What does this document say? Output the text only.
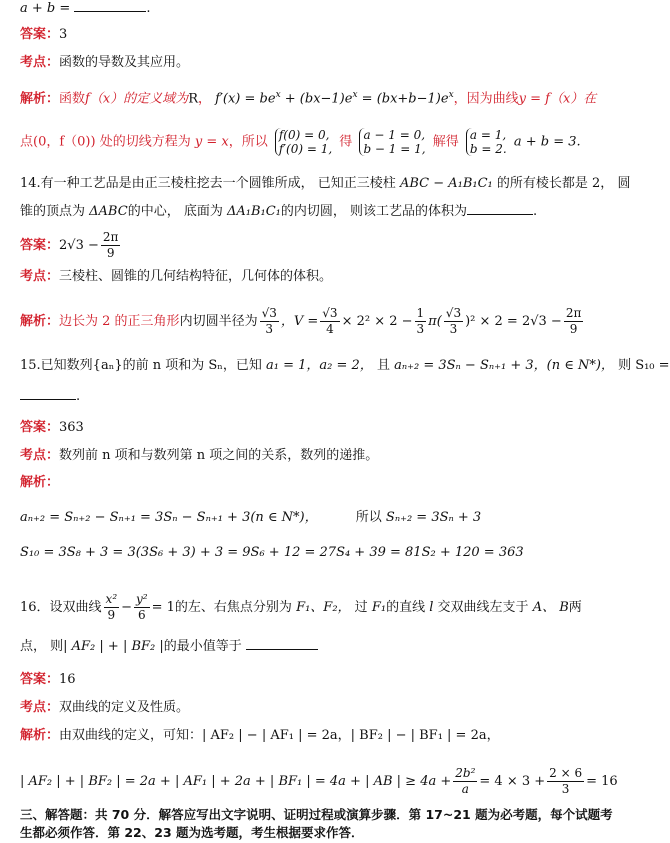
a + b =	.
答案：3
考点：函数的导数及其应用。
解析：函数f（x）的定义域为R， $f'(x) = be^x + (bx-1)e^x = (bx+b-1)e^x$，因为曲线y = f（x）在
点(0，f（0)) 处的切线方程为 y = x，所以 f(0) = 0,
f′(0) = 1, 得 a − 1 = 0,
b − 1 = 1, 解得 a = 1,
b = 2. a + b = 3.
14.有一种工艺品是由正三棱柱挖去一个圆锥所成， 已知正三棱柱 ABC − A₁B₁C₁ 的所有棱长都是 2， 圆
锥的顶点为 ΔABC的中心， 底面为 ΔA₁B₁C₁的内切圆， 则该工艺品的体积为	.
答案：$2√3 - \frac{2\pi}{9}$
考点：三棱柱、圆锥的几何结构特征，几何体的体积。
解析：边长为 2 的正三角形内切圆半径为 $\frac{√3}{3}$ ，$V = \frac{√3}{4} \times 2^2 \times 2 - \frac{1}{3} \pi( \frac{√3}{3} )^2 \times 2 = 2√3 - \frac{2\pi}{9}$
15.已知数列{aₙ}的前 n 项和为 Sₙ，已知 a₁ = 1，a₂ = 2， 且 aₙ₊₂ = 3Sₙ − Sₙ₊₁ + 3，(n ∈ N*)， 则 S₁₀ =
.
答案：363
考点：数列前 n 项和与数列第 n 项之间的关系，数列的递推。
解析：
aₙ₊₂ = Sₙ₊₂ − Sₙ₊₁ = 3Sₙ − Sₙ₊₁ + 3(n ∈ N*)，	所以 Sₙ₊₂ = 3Sₙ + 3
S₁₀ = 3S₈ + 3 = 3(3S₆ + 3) + 3 = 9S₆ + 12 = 27S₄ + 39 = 81S₂ + 120 = 363
16．设双曲线 $\frac{\text{x²}}{9} - \frac{\text{y²}}{6} = 1$的左、右焦点分别为 F₁、F₂， 过 F₁的直线 l 交双曲线左支于 A、 B两
点， 则| AF₂ | + | BF₂ |的最小值等于
答案：16
考点：双曲线的定义及性质。
解析：由双曲线的定义，可知：| AF₂ | − | AF₁ | = 2a，| BF₂ | − | BF₁ | = 2a，
| AF₂ | + | BF₂ | = 2a + | AF₁ | + 2a + | BF₁ | = 4a + | AB | ≥ $4a + \frac{\text{2b²}}{a} = 4 \times 3 + \frac{2 \times 6}{3} = 16$
三、解答题：共 70 分．解答应写出文字说明、证明过程或演算步骤．第 17~21 题为必考题，每个试题考
生都必须作答．第 22、23 题为选考题，考生根据要求作答．
